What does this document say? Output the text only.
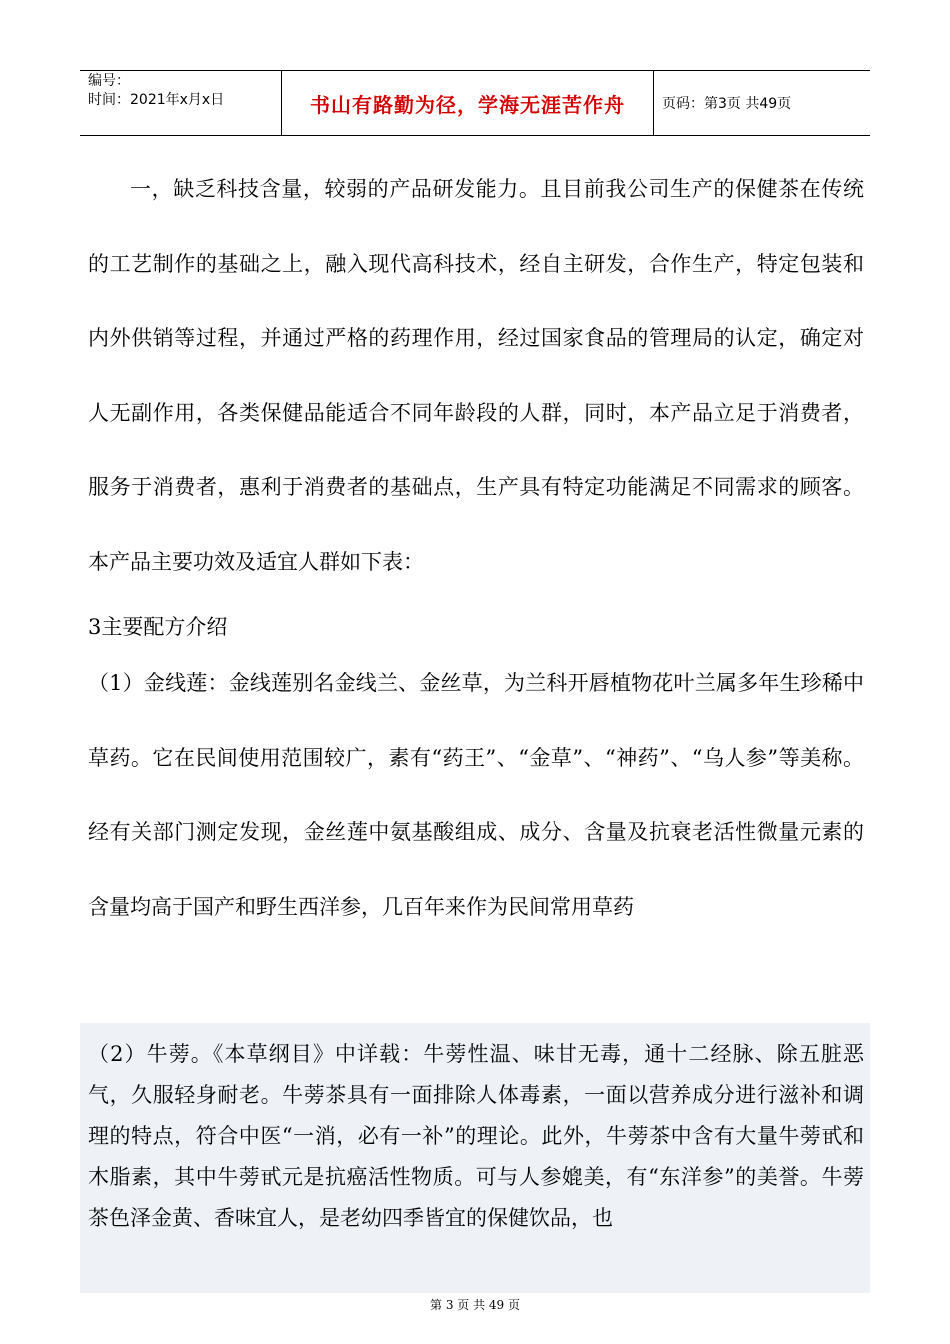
编号：
时间：2021年x月x日	书山有路勤为径，学海无涯苦作舟	页码：第3页 共49页

一，缺乏科技含量，较弱的产品研发能力。且目前我公司生产的保健茶在传统的工艺制作的基础之上，融入现代高科技术，经自主研发，合作生产，特定包装和内外供销等过程，并通过严格的药理作用，经过国家食品的管理局的认定，确定对人无副作用，各类保健品能适合不同年龄段的人群，同时，本产品立足于消费者，服务于消费者，惠利于消费者的基础点，生产具有特定功能满足不同需求的顾客。本产品主要功效及适宜人群如下表：

3主要配方介绍

（1）金线莲：金线莲别名金线兰、金丝草，为兰科开唇植物花叶兰属多年生珍稀中草药。它在民间使用范围较广，素有“药王”、“金草”、“神药”、“乌人参”等美称。经有关部门测定发现，金丝莲中氨基酸组成、成分、含量及抗衰老活性微量元素的含量均高于国产和野生西洋参，几百年来作为民间常用草药

（2）牛蒡。《本草纲目》中详载：牛蒡性温、味甘无毒，通十二经脉、除五脏恶气，久服轻身耐老。牛蒡茶具有一面排除人体毒素，一面以营养成分进行滋补和调理的特点，符合中医“一消，必有一补”的理论。此外，牛蒡茶中含有大量牛蒡甙和木脂素，其中牛蒡甙元是抗癌活性物质。可与人参媲美，有“东洋参”的美誉。牛蒡茶色泽金黄、香味宜人，是老幼四季皆宜的保健饮品，也

第 3 页 共 49 页
